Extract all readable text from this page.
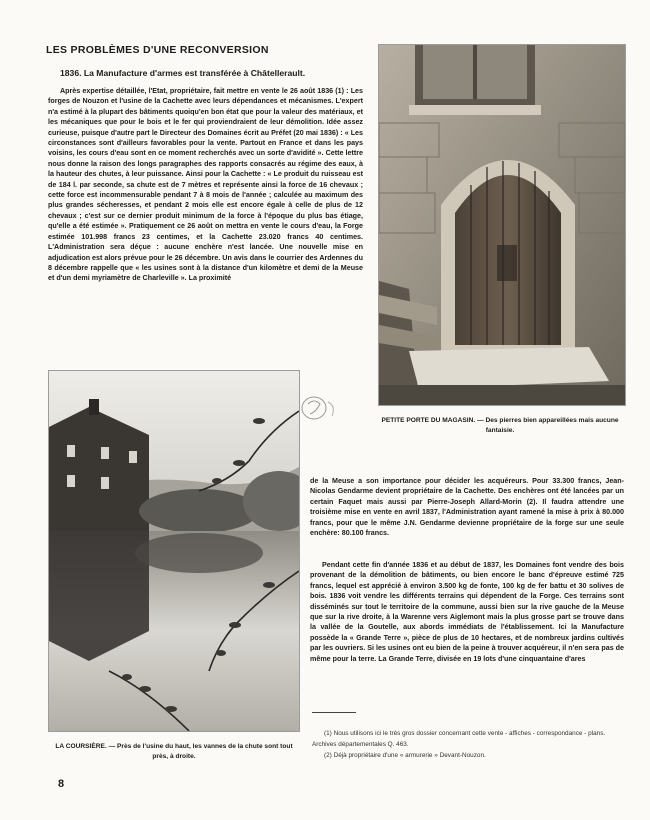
LES PROBLÈMES D'UNE RECONVERSION
1836. La Manufacture d'armes est transférée à Châtellerault.

Après expertise détaillée, l'Etat, propriétaire, fait mettre en vente le 26 août 1836 (1) : Les forges de Nouzon et l'usine de la Cachette avec leurs dépendances et mécanismes. L'expert n'a estimé à la plupart des bâtiments quoiqu'en bon état que pour la valeur des matériaux, et les mécaniques que pour le bois et le fer qui proviendraient de leur démolition. Idée assez curieuse, puisque d'autre part le Directeur des Domaines écrit au Préfet (20 mai 1836) : « Les circonstances sont d'ailleurs favorables pour la vente. Partout en France et dans les pays voisins, les cours d'eau sont en ce moment recherchés avec un sorte d'avidité ». Cette lettre nous donne la raison des longs paragraphes des rapports consacrés au régime des eaux, à la hauteur des chutes, à leur puissance. Ainsi pour la Cachette : « Le produit du ruisseau est de 184 l. par seconde, sa chute est de 7 mètres et représente ainsi la force de 16 chevaux ; cette force est incommensurable pendant 7 à 8 mois de l'année ; calculée au maximum des plus grandes sécheresses, et pendant 2 mois elle est encore égale à celle de plus de 12 chevaux ; c'est sur ce dernier produit minimum de la force à l'époque du plus bas étiage, qu'elle a été estimée ». Pratiquement ce 26 août on mettra en vente le cours d'eau, la Forge estimée 101.998 francs 23 centimes, et la Cachette 23.020 francs 40 centimes. L'Administration sera déçue : aucune enchère n'est lancée. Une nouvelle mise en adjudication est alors prévue pour le 26 décembre. Un avis dans le courrier des Ardennes du 8 décembre rappelle que « les usines sont à la distance d'un kilomètre et demi de la Meuse et d'un demi myriamètre de Charleville ». La proximité

PETITE PORTE DU MAGASIN. — Des pierres bien appareillées mais aucune fantaisie.
LA COURSIÈRE. — Près de l'usine du haut, les vannes de la chute sont tout près, à droite.

de la Meuse a son importance pour décider les acquéreurs. Pour 33.300 francs, Jean-Nicolas Gendarme devient propriétaire de la Cachette. Des enchères ont été lancées par un certain Faquet mais aussi par Pierre-Joseph Allard-Morin (2). Il faudra attendre une troisième mise en vente en avril 1837, l'Administration ayant ramené la mise à prix à 80.000 francs, pour que le même J.N. Gendarme devienne propriétaire de la forge sur une seule enchère: 80.100 francs.

Pendant cette fin d'année 1836 et au début de 1837, les Domaines font vendre des bois provenant de la démolition de bâtiments, ou bien encore le banc d'épreuve estimé 725 francs, lequel est apprécié à environ 3.500 kg de fonte, 100 kg de fer battu et 30 solives de bois. 1836 voit vendre les différents terrains qui dépendent de la Forge. Ces terrains sont disséminés sur tout le territoire de la commune, aussi bien sur la rive gauche de la Meuse que sur la rive droite, à la Warenne vers Aiglemont mais la plus grosse part se trouve dans la vallée de la Goutelle, aux abords immédiats de l'établissement. Ici la Manufacture possède la « Grande Terre », pièce de plus de 10 hectares, et de nombreux jardins cultivés par les ouvriers. Si les usines ont eu bien de la peine à trouver acquéreur, il n'en sera pas de même pour la terre. La Grande Terre, divisée en 19 lots d'une cinquantaine d'ares

(1) Nous utilisons ici le très gros dossier concernant cette vente - affiches - correspondance - plans. Archives départementales Q. 463.

(2) Déjà propriétaire d'une « armurerie » Devant-Nouzon.

8
